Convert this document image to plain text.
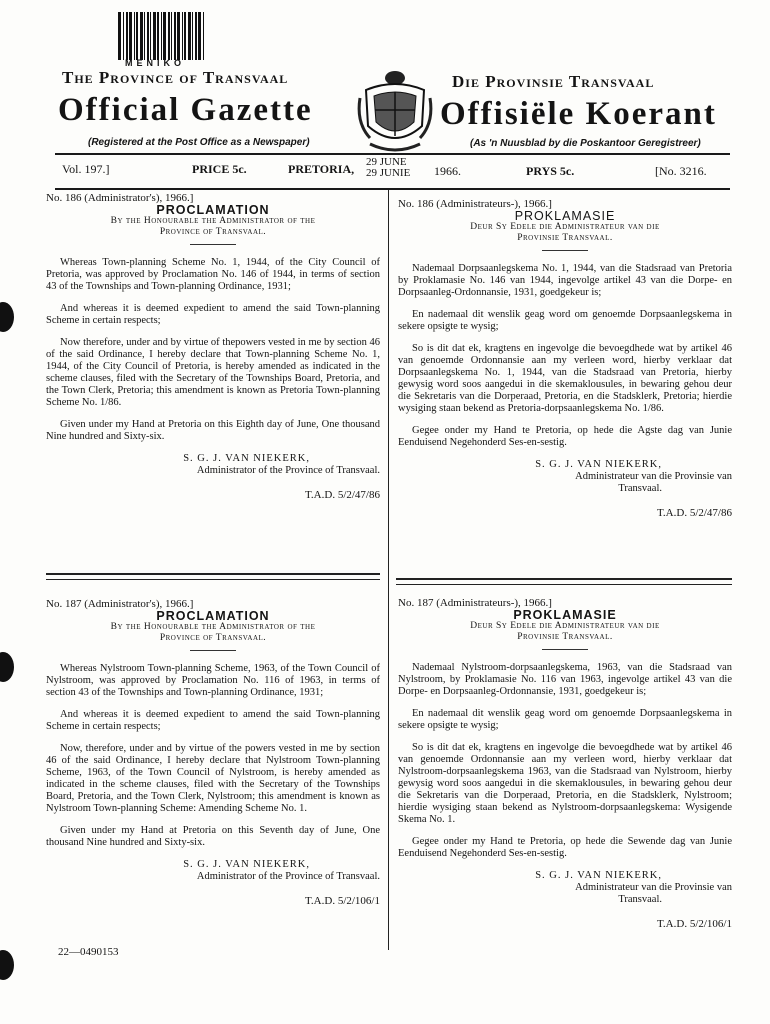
MENIKO
The Province of Transvaal	Die Provinsie Transvaal
Official Gazette	Offisiële Koerant
(Registered at the Post Office as a Newspaper)	(As 'n Nuusblad by die Poskantoor Geregistreer)
Vol. 197.]	PRICE 5c.	PRETORIA, 29 JUNE
29 JUNIE 1966.	PRYS 5c.	[No. 3216.
No. 186 (Administrator's), 1966.]
PROCLAMATION
By the Honourable the Administrator of the
Province of Transvaal.

Whereas Town-planning Scheme No. 1, 1944, of the City Council of Pretoria, was approved by Proclamation No. 146 of 1944, in terms of section 43 of the Townships and Town-planning Ordinance, 1931;

And whereas it is deemed expedient to amend the said Town-planning Scheme in certain respects;

Now therefore, under and by virtue of thepowers vested in me by section 46 of the said Ordinance, I hereby declare that Town-planning Scheme No. 1, 1944, of the City Council of Pretoria, is hereby amended as indicated in the scheme clauses, filed with the Secretary of the Townships Board, Pretoria, and the Town Clerk, Pretoria; this amendment is known as Pretoria Town-planning Scheme No. 1/86.

Given under my Hand at Pretoria on this Eighth day of June, One thousand Nine hundred and Sixty-six.

S. G. J. VAN NIEKERK,
Administrator of the Province of Transvaal.
T.A.D. 5/2/47/86
No. 186 (Administrateurs-), 1966.]
PROKLAMASIE
Deur Sy Edele die Administrateur van die
Provinsie Transvaal.

Nademaal Dorpsaanlegskema No. 1, 1944, van die Stadsraad van Pretoria by Proklamasie No. 146 van 1944, ingevolge artikel 43 van die Dorpe- en Dorpsaanleg-Ordonnansie, 1931, goedgekeur is;

En nademaal dit wenslik geag word om genoemde Dorpsaanlegskema in sekere opsigte te wysig;

So is dit dat ek, kragtens en ingevolge die bevoegdhede wat by artikel 46 van genoemde Ordonnansie aan my verleen word, hierby verklaar dat Dorpsaanlegskema No. 1, 1944, van die Stadsraad van Pretoria, hierby gewysig word soos aangedui in die skemaklousules, in bewaring gehou deur die Sekretaris van die Dorperaad, Pretoria, en die Stadsklerk, Pretoria; hierdie wysiging staan bekend as Pretoria-dorpsaanlegskema No. 1/86.

Gegee onder my Hand te Pretoria, op hede die Agste dag van Junie Eenduisend Negehonderd Ses-en-sestig.

S. G. J. VAN NIEKERK,
Administrateur van die Provinsie van
Transvaal.
T.A.D. 5/2/47/86
No. 187 (Administrator's), 1966.]
PROCLAMATION
By the Honourable the Administrator of the
Province of Transvaal.

Whereas Nylstroom Town-planning Scheme, 1963, of the Town Council of Nylstroom, was approved by Proclamation No. 116 of 1963, in terms of section 43 of the Townships and Town-planning Ordinance, 1931;

And whereas it is deemed expedient to amend the said Town-planning Scheme in certain respects;

Now, therefore, under and by virtue of the powers vested in me by section 46 of the said Ordinance, I hereby declare that Nylstroom Town-planning Scheme, 1963, of the Town Council of Nylstroom, is hereby amended as indicated in the scheme clauses, filed with the Secretary of the Townships Board, Pretoria, and the Town Clerk, Nylstroom; this amendment is known as Nylstroom Town-planning Scheme: Amending Scheme No. 1.

Given under my Hand at Pretoria on this Seventh day of June, One thousand Nine hundred and Sixty-six.

S. G. J. VAN NIEKERK,
Administrator of the Province of Transvaal.
T.A.D. 5/2/106/1
No. 187 (Administrateurs-), 1966.]
PROKLAMASIE
Deur Sy Edele die Administrateur van die
Provinsie Transvaal.

Nademaal Nylstroom-dorpsaanlegskema, 1963, van die Stadsraad van Nylstroom, by Proklamasie No. 116 van 1963, ingevolge artikel 43 van die Dorpe- en Dorpsaanleg-Ordonnansie, 1931, goedgekeur is;

En nademaal dit wenslik geag word om genoemde Dorpsaanlegskema in sekere opsigte te wysig;

So is dit dat ek, kragtens en ingevolge die bevoegdhede wat by artikel 46 van genoemde Ordonnansie aan my verleen word, hierby verklaar dat Nylstroom-dorpsaanlegskema 1963, van die Stadsraad van Nylstroom, hierby gewysig word soos aangedui in die skemaklousules, in bewaring gehou deur die Sekretaris van die Dorperaad, Pretoria, en die Stadsklerk, Nylstroom; hierdie wysiging staan bekend as Nylstroom-dorpsaanlegskema: Wysigende Skema No. 1.

Gegee onder my Hand te Pretoria, op hede die Sewende dag van Junie Eenduisend Negehonderd Ses-en-sestig.

S. G. J. VAN NIEKERK,
Administrateur van die Provinsie van
Transvaal.
T.A.D. 5/2/106/1
22—0490153
